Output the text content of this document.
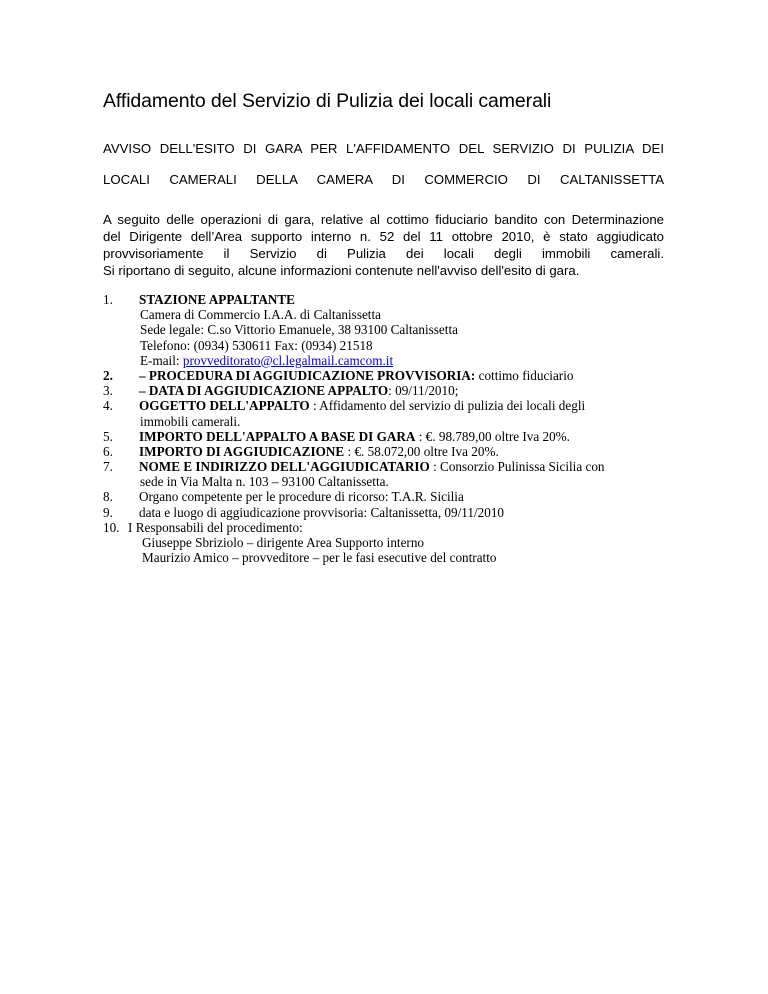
Affidamento del Servizio di Pulizia dei locali camerali
AVVISO DELL'ESITO DI GARA PER L'AFFIDAMENTO DEL SERVIZIO DI PULIZIA DEI
LOCALI CAMERALI DELLA CAMERA DI COMMERCIO DI CALTANISSETTA
A seguito delle operazioni di gara, relative al cottimo fiduciario bandito con Determinazione
del Dirigente dell’Area supporto interno n. 52 del 11 ottobre 2010, è stato aggiudicato
provvisoriamente il Servizio di Pulizia dei locali degli immobili camerali.
Si riportano di seguito, alcune informazioni contenute nell'avviso dell'esito di gara.
1. STAZIONE APPALTANTE
Camera di Commercio I.A.A. di Caltanissetta
Sede legale: C.so Vittorio Emanuele, 38 93100 Caltanissetta
Telefono: (0934) 530611 Fax: (0934) 21518
E-mail: provveditorato@cl.legalmail.camcom.it
2. – PROCEDURA DI AGGIUDICAZIONE PROVVISORIA: cottimo fiduciario
3. – DATA DI AGGIUDICAZIONE APPALTO: 09/11/2010;
4. OGGETTO DELL'APPALTO : Affidamento del servizio di pulizia dei locali degli
immobili camerali.
5. IMPORTO DELL'APPALTO A BASE DI GARA : €. 98.789,00 oltre Iva 20%.
6. IMPORTO DI AGGIUDICAZIONE : €. 58.072,00 oltre Iva 20%.
7. NOME E INDIRIZZO DELL'AGGIUDICATARIO : Consorzio Pulinissa Sicilia con
sede in Via Malta n. 103 – 93100 Caltanissetta.
8. Organo competente per le procedure di ricorso: T.A.R. Sicilia
9. data e luogo di aggiudicazione provvisoria: Caltanissetta, 09/11/2010
10. I Responsabili del procedimento:
Giuseppe Sbriziolo – dirigente Area Supporto interno
Maurizio Amico – provveditore – per le fasi esecutive del contratto
